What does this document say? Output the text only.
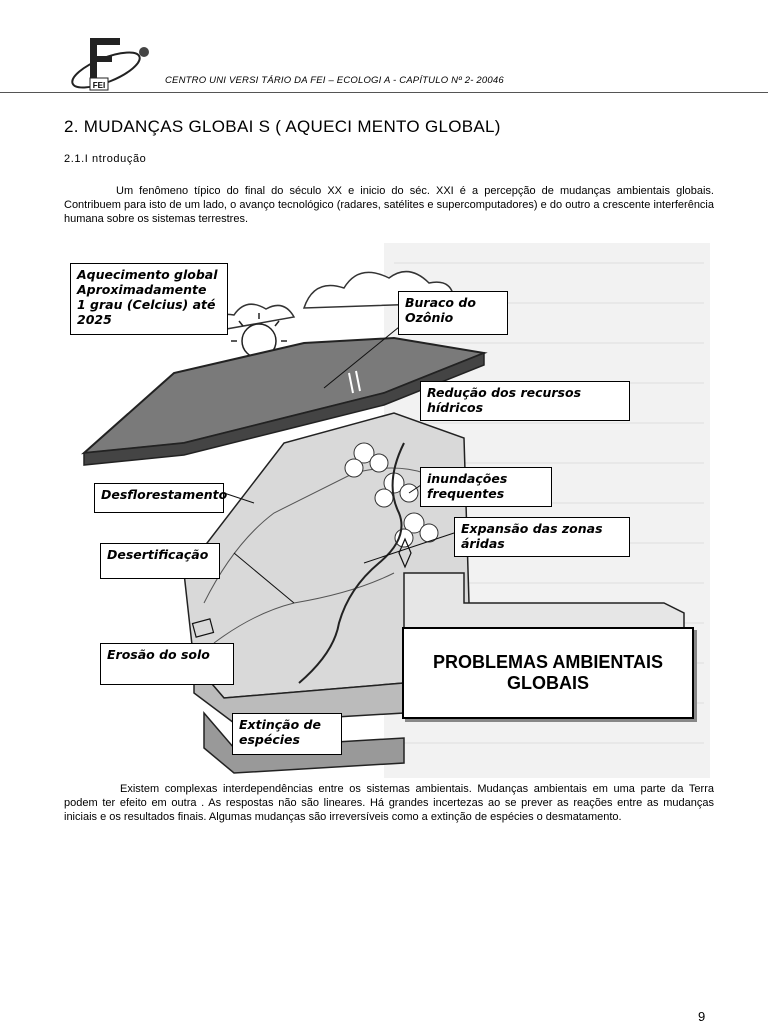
FEI	CENTRO UNI VERSI TÁRIO DA FEI – ECOLOGI A - CAPÍTULO Nº 2- 20046
2. MUDANÇAS GLOBAI S ( AQUECI MENTO GLOBAL)
2.1.I ntrodução

Um fenômeno típico do final do século XX e inicio do séc. XXI é a percepção de mudanças ambientais globais. Contribuem para isto de um lado, o avanço tecnológico (radares, satélites e supercomputadores) e do outro a crescente interferência humana sobre os sistemas terrestres.

Aquecimento global
Aproximadamente
1 grau (Celcius) até
2025
Buraco do
Ozônio
Redução dos recursos
hídricos
inundações
frequentes
Expansão das zonas
áridas
Desflorestamento
Desertificação
Erosão do solo
Extinção de
espécies
PROBLEMAS AMBIENTAIS
GLOBAIS

Existem complexas interdependências entre os sistemas ambientais. Mudanças ambientais em uma parte da Terra podem ter efeito em outra . As respostas não são lineares. Há grandes incertezas ao se prever as reações entre as mudanças iniciais e os resultados finais. Algumas mudanças são irreversíveis como a extinção de espécies o desmatamento.

9
